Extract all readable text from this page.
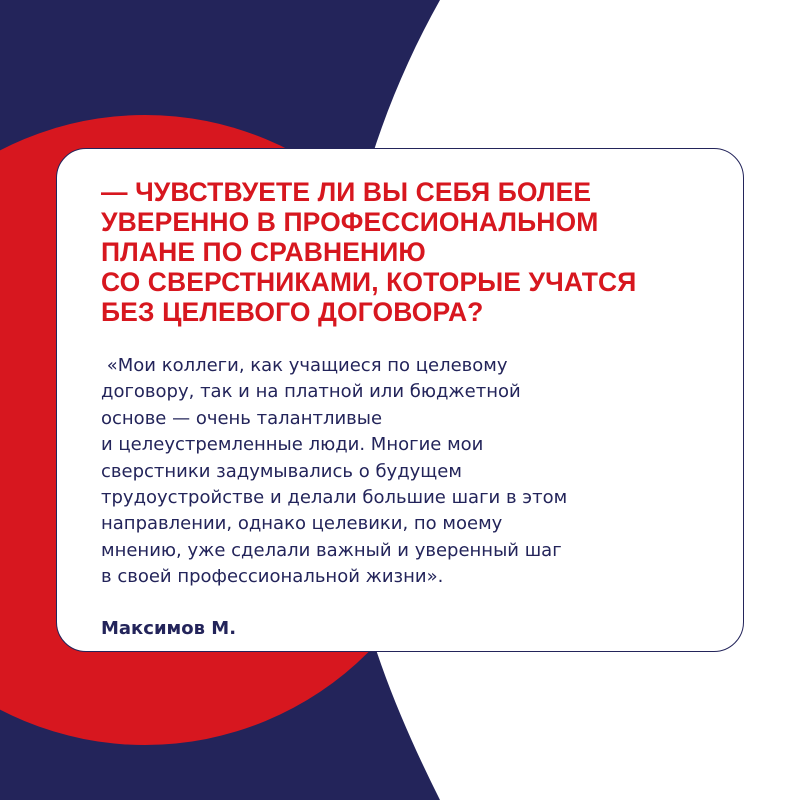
— ЧУВСТВУЕТЕ ЛИ ВЫ СЕБЯ БОЛЕЕ
УВЕРЕННО В ПРОФЕССИОНАЛЬНОМ
ПЛАНЕ ПО СРАВНЕНИЮ
СО СВЕРСТНИКАМИ, КОТОРЫЕ УЧАТСЯ
БЕЗ ЦЕЛЕВОГО ДОГОВОРА?

«Мои коллеги, как учащиеся по целевому
договору, так и на платной или бюджетной
основе — очень талантливые
и целеустремленные люди. Многие мои
сверстники задумывались о будущем
трудоустройстве и делали большие шаги в этом
направлении, однако целевики, по моему
мнению, уже сделали важный и уверенный шаг
в своей профессиональной жизни».

Максимов М.
